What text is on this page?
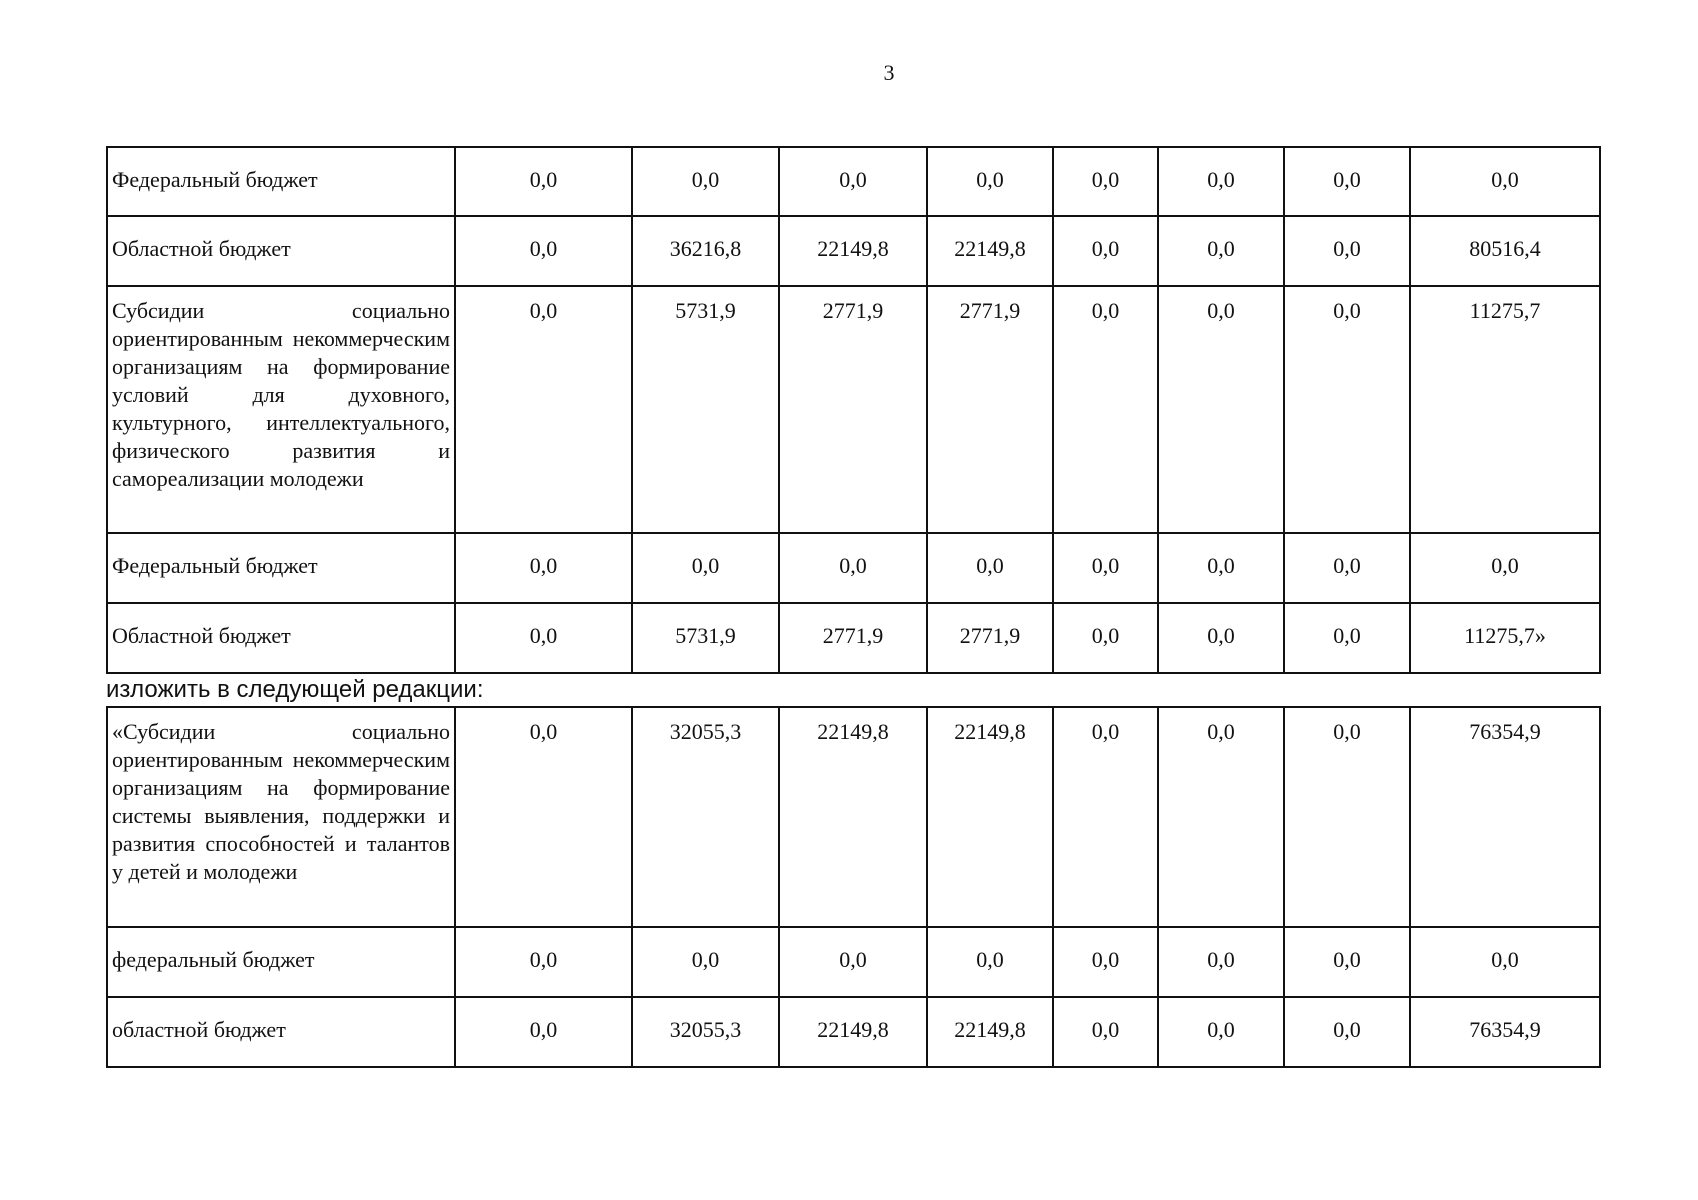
3
Федеральный бюджет	0,0	0,0	0,0	0,0	0,0	0,0	0,0	0,0
Областной бюджет	0,0	36216,8	22149,8	22149,8	0,0	0,0	0,0	80516,4
Субсидии социально ориентированным некоммерческим организациям на формирование условий для духовного, культурного, интеллектуального, физического развития и самореализации молодежи	0,0	5731,9	2771,9	2771,9	0,0	0,0	0,0	11275,7
Федеральный бюджет	0,0	0,0	0,0	0,0	0,0	0,0	0,0	0,0
Областной бюджет	0,0	5731,9	2771,9	2771,9	0,0	0,0	0,0	11275,7»
изложить в следующей редакции:
«Субсидии социально ориентированным некоммерческим организациям на формирование системы выявления, поддержки и развития способностей и талантов у детей и молодежи	0,0	32055,3	22149,8	22149,8	0,0	0,0	0,0	76354,9
федеральный бюджет	0,0	0,0	0,0	0,0	0,0	0,0	0,0	0,0
областной бюджет	0,0	32055,3	22149,8	22149,8	0,0	0,0	0,0	76354,9
